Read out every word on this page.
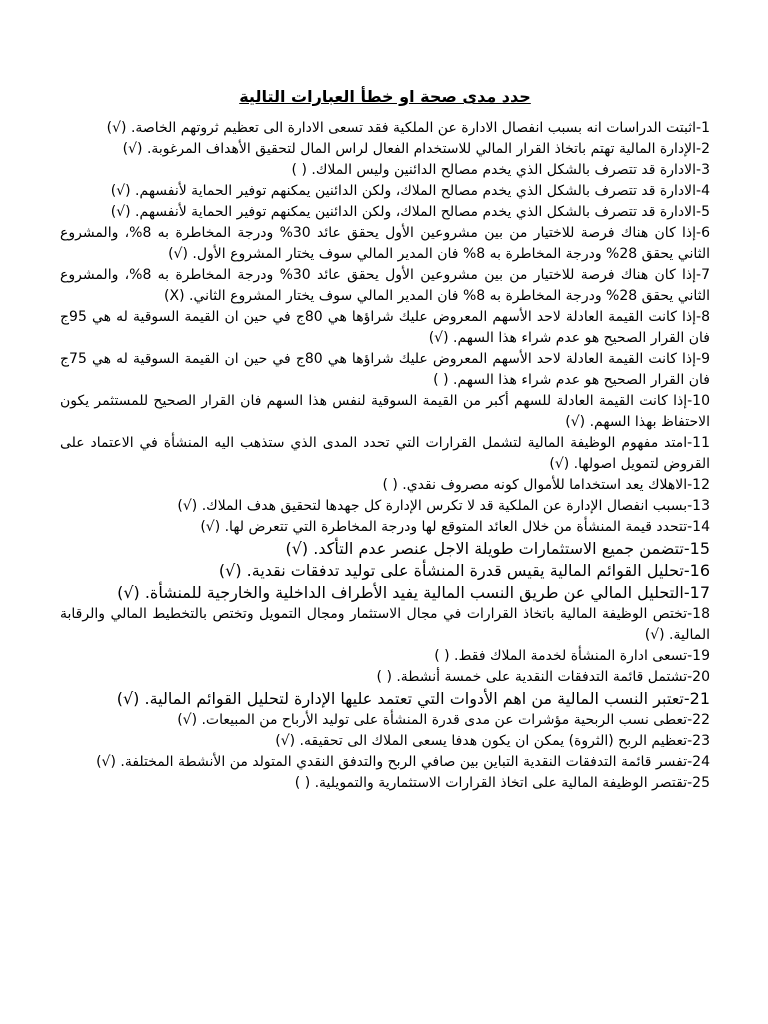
حدد مدى صحة او خطأ العبارات التالية
1-اثبتت الدراسات انه بسبب انفصال الادارة عن الملكية فقد تسعى الادارة الى تعظيم ثروتهم الخاصة. (√)
2-الإدارة المالية تهتم باتخاذ القرار المالي للاستخدام الفعال لراس المال لتحقيق الأهداف المرغوبة. (√)
3-الادارة قد تتصرف بالشكل الذي يخدم مصالح الدائنين وليس الملاك. ( )
4-الادارة قد تتصرف بالشكل الذي يخدم مصالح الملاك، ولكن الدائنين يمكنهم توفير الحماية لأنفسهم. (√)
5-الادارة قد تتصرف بالشكل الذي يخدم مصالح الملاك، ولكن الدائنين يمكنهم توفير الحماية لأنفسهم. (√)
6-إذا كان هناك فرصة للاختيار من بين مشروعين الأول يحقق عائد 30% ودرجة المخاطرة به 8%، والمشروع الثاني يحقق 28% ودرجة المخاطرة به 8% فان المدير المالي سوف يختار المشروع الأول. (√)
7-إذا كان هناك فرصة للاختيار من بين مشروعين الأول يحقق عائد 30% ودرجة المخاطرة به 8%، والمشروع الثاني يحقق 28% ودرجة المخاطرة به 8% فان المدير المالي سوف يختار المشروع الثاني. (X)
8-إذا كانت القيمة العادلة لاحد الأسهم المعروض عليك شراؤها هي 80ج في حين ان القيمة السوقية له هي 95ج فان القرار الصحيح هو عدم شراء هذا السهم. (√)
9-إذا كانت القيمة العادلة لاحد الأسهم المعروض عليك شراؤها هي 80ج في حين ان القيمة السوقية له هي 75ج فان القرار الصحيح هو عدم شراء هذا السهم. ( )
10-إذا كانت القيمة العادلة للسهم أكبر من القيمة السوقية لنفس هذا السهم فان القرار الصحيح للمستثمر يكون الاحتفاظ بهذا السهم. (√)
11-امتد مفهوم الوظيفة المالية لتشمل القرارات التي تحدد المدى الذي ستذهب اليه المنشأة في الاعتماد على القروض لتمويل اصولها. (√)
12-الاهلاك يعد استخداما للأموال كونه مصروف نقدي. ( )
13-بسبب انفصال الإدارة عن الملكية قد لا تكرس الإدارة كل جهدها لتحقيق هدف الملاك. (√)
14-تتحدد قيمة المنشأة من خلال العائد المتوقع لها ودرجة المخاطرة التي تتعرض لها. (√)
15-تتضمن جميع الاستثمارات طويلة الاجل عنصر عدم التأكد. (√)
16-تحليل القوائم المالية يقيس قدرة المنشأة على توليد تدفقات نقدية. (√)
17-التحليل المالي عن طريق النسب المالية يفيد الأطراف الداخلية والخارجية للمنشأة. (√)
18-تختص الوظيفة المالية باتخاذ القرارات في مجال الاستثمار ومجال التمويل وتختص بالتخطيط المالي والرقابة المالية. (√)
19-تسعى ادارة المنشأة لخدمة الملاك فقط. ( )
20-تشتمل قائمة التدفقات النقدية على خمسة أنشطة. ( )
21-تعتبر النسب المالية من اهم الأدوات التي تعتمد عليها الإدارة لتحليل القوائم المالية. (√)
22-تعطى نسب الربحية مؤشرات عن مدى قدرة المنشأة على توليد الأرباح من المبيعات. (√)
23-تعظيم الربح (الثروة) يمكن ان يكون هدفا يسعى الملاك الى تحقيقه. (√)
24-تفسر قائمة التدفقات النقدية التباين بين صافي الربح والتدفق النقدي المتولد من الأنشطة المختلفة. (√)
25-تقتصر الوظيفة المالية على اتخاذ القرارات الاستثمارية والتمويلية. ( )
